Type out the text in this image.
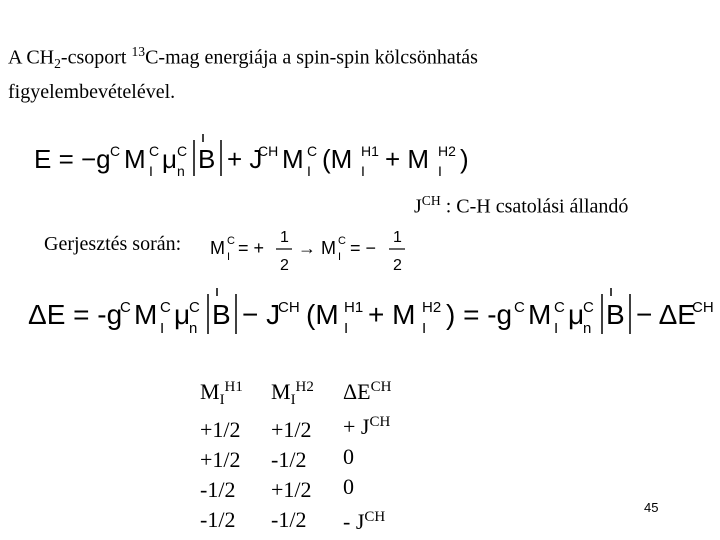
A $CH_2$-csoport $^{13}$C-mag energiája a spin-spin kölcsönhatás
figyelembevételével.
E = −g C M C
I μ C
n B + J
CH M C
I (M H1
I + M H2
I )
$J^{CH}$ : C-H csatolási állandó
Gerjesztés során: M C
I = +
1
2
→ M C
I = −
1
2
ΔE = -g
C M C
I μ
C
n B − J
CH (M H1
I + M H2
I ) = -g C M C
I μ
C
n B − ΔE
CH
$M_I^{H1}$
+1/2
+1/2
-1/2
-1/2
$M_I^{H2}$
+1/2
-1/2
+1/2
-1/2
$\Delta E^{CH}$
+ $J^{CH}$
0
0
- $J^{CH}$
45
